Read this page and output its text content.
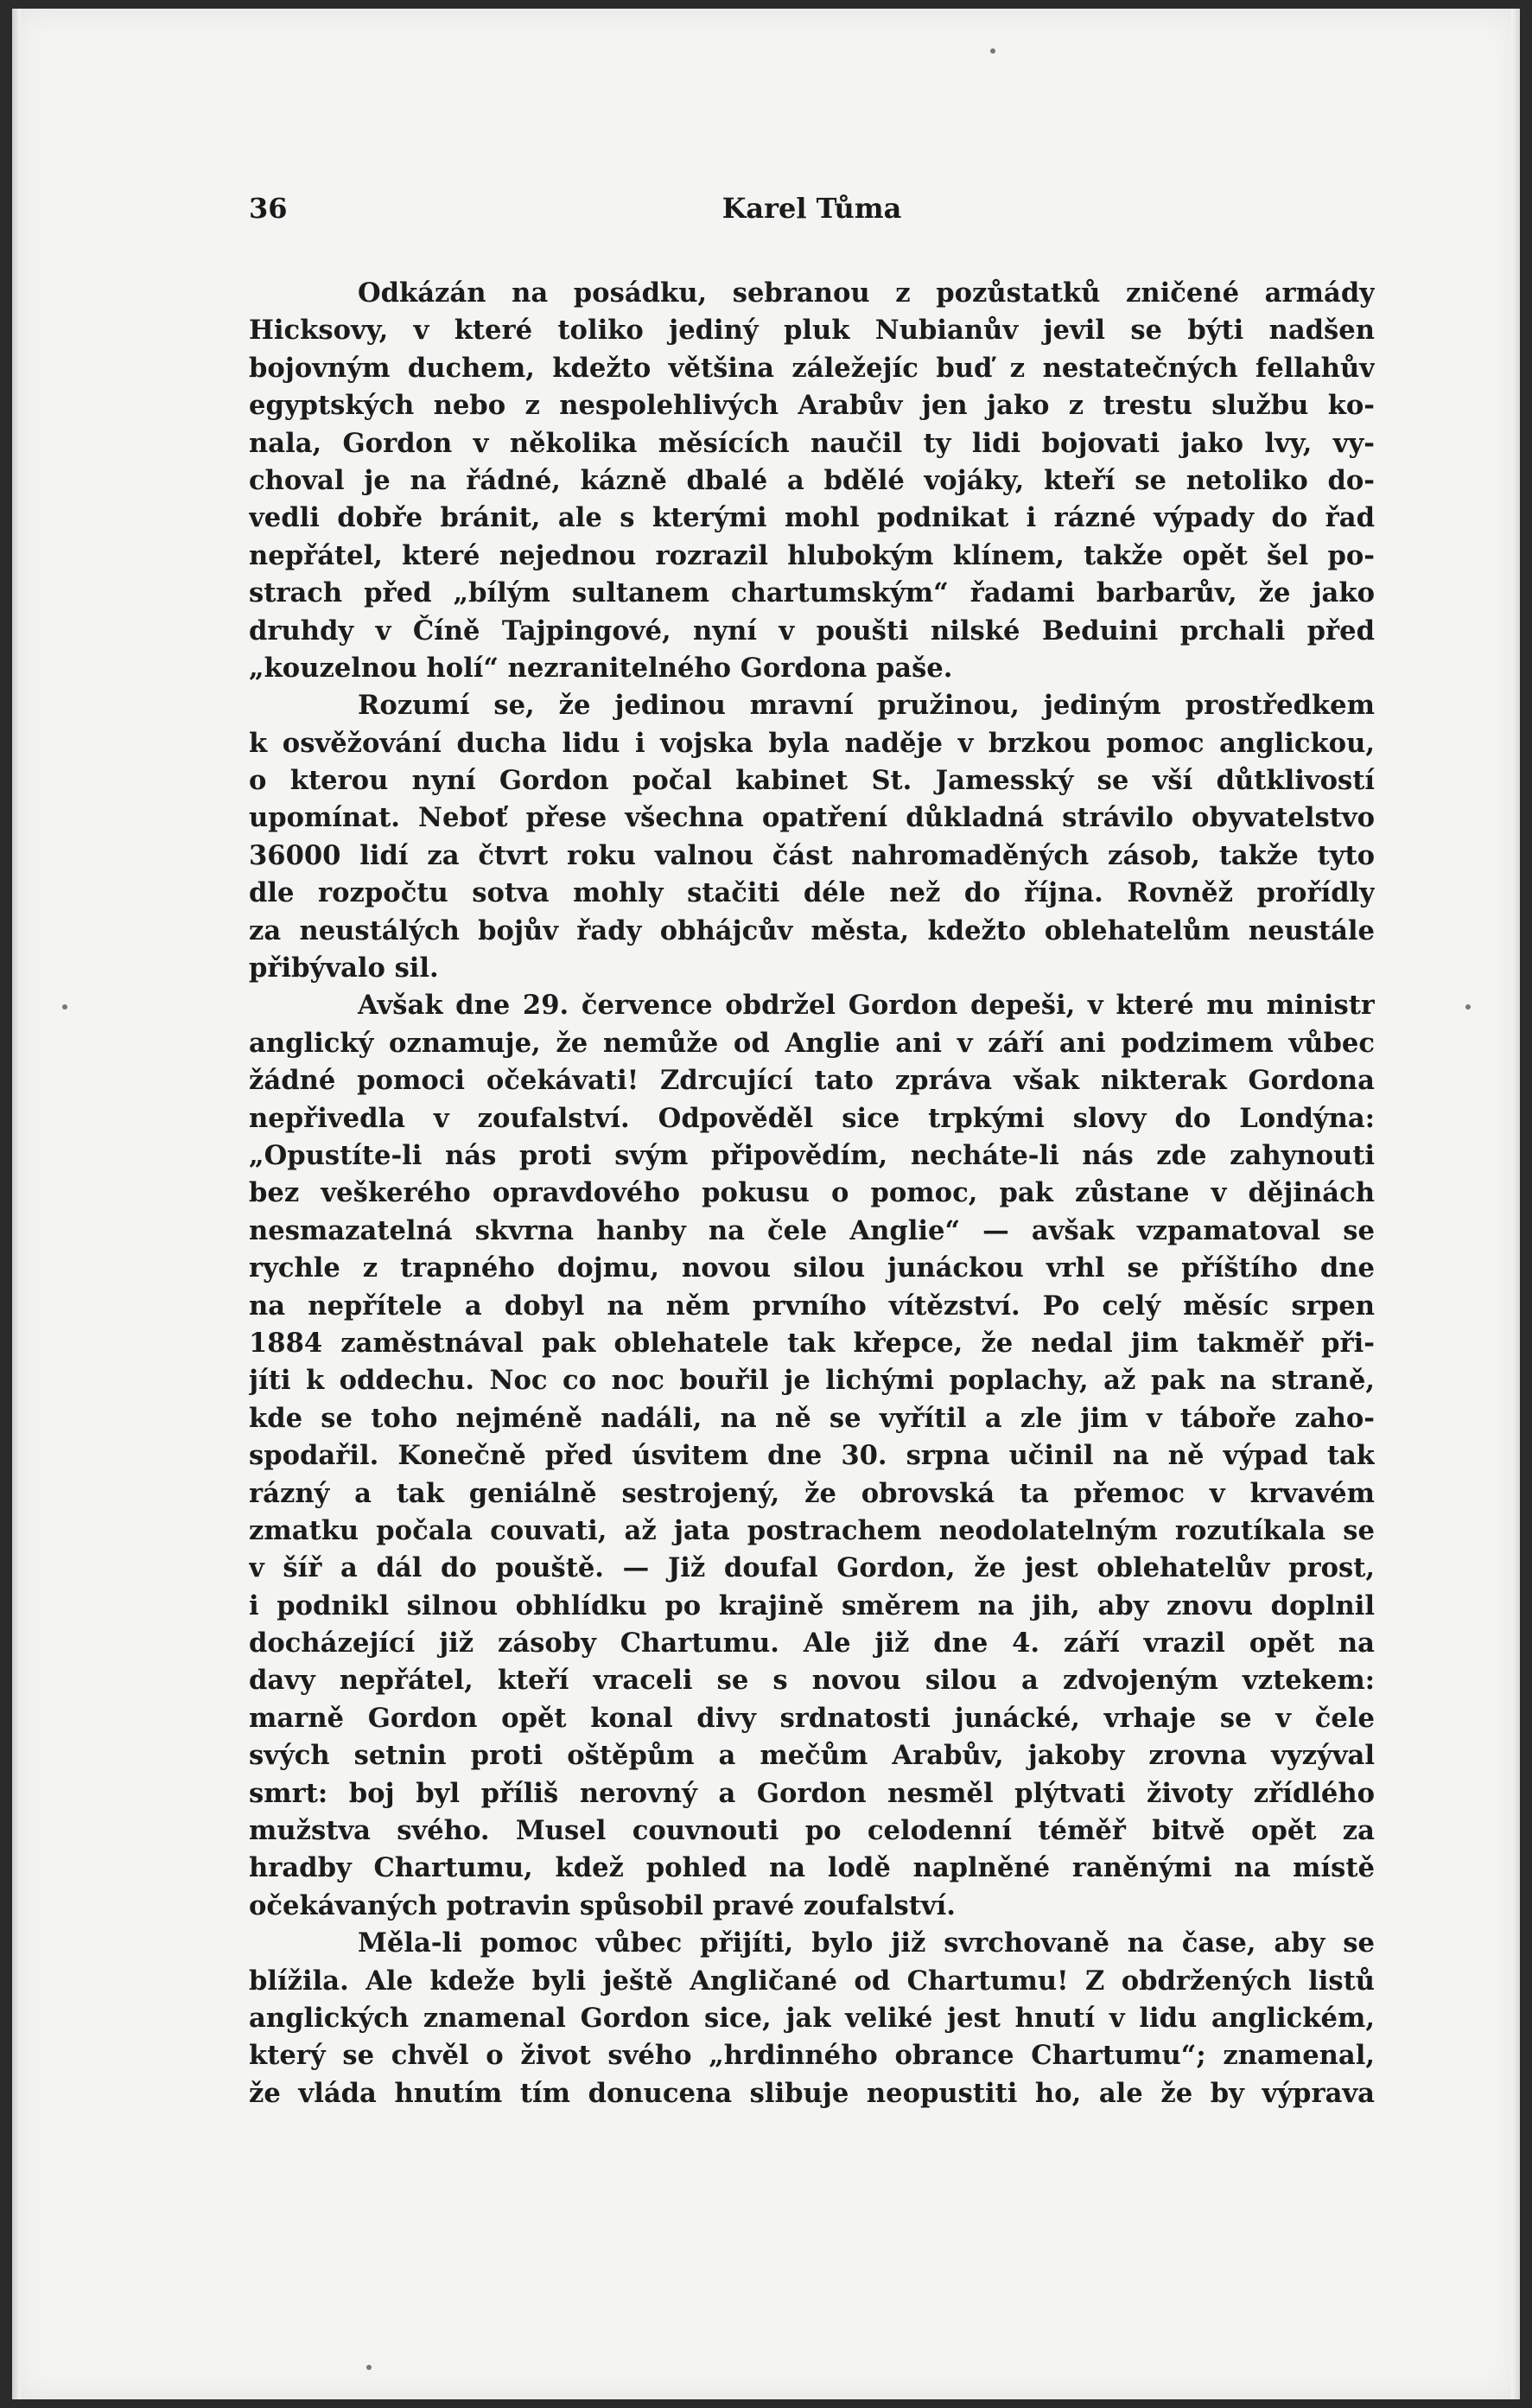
36	Karel Tůma
Odkázán na posádku, sebranou z pozůstatků zničené armády
Hicksovy, v které toliko jediný pluk Nubianův jevil se býti nadšen
bojovným duchem, kdežto většina záležejíc buď z nestatečných fellahův
egyptských nebo z nespolehlivých Arabův jen jako z trestu službu ko-
nala, Gordon v několika měsících naučil ty lidi bojovati jako lvy, vy-
choval je na řádné, kázně dbalé a bdělé vojáky, kteří se netoliko do-
vedli dobře bránit, ale s kterými mohl podnikat i rázné výpady do řad
nepřátel, které nejednou rozrazil hlubokým klínem, takže opět šel po-
strach před „bílým sultanem chartumským“ řadami barbarův, že jako
druhdy v Číně Tajpingové, nyní v poušti nilské Beduini prchali před
„kouzelnou holí“ nezranitelného Gordona paše.
Rozumí se, že jedinou mravní pružinou, jediným prostředkem
k osvěžování ducha lidu i vojska byla naděje v brzkou pomoc anglickou,
o kterou nyní Gordon počal kabinet St. Jamesský se vší důtklivostí
upomínat. Neboť přese všechna opatření důkladná strávilo obyvatelstvo
36000 lidí za čtvrt roku valnou část nahromaděných zásob, takže tyto
dle rozpočtu sotva mohly stačiti déle než do října. Rovněž prořídly
za neustálých bojův řady obhájcův města, kdežto oblehatelům neustále
přibývalo sil.
Avšak dne 29. července obdržel Gordon depeši, v které mu ministr
anglický oznamuje, že nemůže od Anglie ani v září ani podzimem vůbec
žádné pomoci očekávati! Zdrcující tato zpráva však nikterak Gordona
nepřivedla v zoufalství. Odpověděl sice trpkými slovy do Londýna:
„Opustíte-li nás proti svým připovědím, necháte-li nás zde zahynouti
bez veškerého opravdového pokusu o pomoc, pak zůstane v dějinách
nesmazatelná skvrna hanby na čele Anglie“ — avšak vzpamatoval se
rychle z trapného dojmu, novou silou junáckou vrhl se příštího dne
na nepřítele a dobyl na něm prvního vítězství. Po celý měsíc srpen
1884 zaměstnával pak oblehatele tak křepce, že nedal jim takměř při-
jíti k oddechu. Noc co noc bouřil je lichými poplachy, až pak na straně,
kde se toho nejméně nadáli, na ně se vyřítil a zle jim v táboře zaho-
spodařil. Konečně před úsvitem dne 30. srpna učinil na ně výpad tak
rázný a tak geniálně sestrojený, že obrovská ta přemoc v krvavém
zmatku počala couvati, až jata postrachem neodolatelným rozutíkala se
v šíř a dál do pouště. — Již doufal Gordon, že jest oblehatelův prost,
i podnikl silnou obhlídku po krajině směrem na jih, aby znovu doplnil
docházející již zásoby Chartumu. Ale již dne 4. září vrazil opět na
davy nepřátel, kteří vraceli se s novou silou a zdvojeným vztekem:
marně Gordon opět konal divy srdnatosti junácké, vrhaje se v čele
svých setnin proti oštěpům a mečům Arabův, jakoby zrovna vyzýval
smrt: boj byl příliš nerovný a Gordon nesměl plýtvati životy zřídlého
mužstva svého. Musel couvnouti po celodenní téměř bitvě opět za
hradby Chartumu, kdež pohled na lodě naplněné raněnými na místě
očekávaných potravin spůsobil pravé zoufalství.
Měla-li pomoc vůbec přijíti, bylo již svrchovaně na čase, aby se
blížila. Ale kdeže byli ještě Angličané od Chartumu! Z obdržených listů
anglických znamenal Gordon sice, jak veliké jest hnutí v lidu anglickém,
který se chvěl o život svého „hrdinného obrance Chartumu“; znamenal,
že vláda hnutím tím donucena slibuje neopustiti ho, ale že by výprava
